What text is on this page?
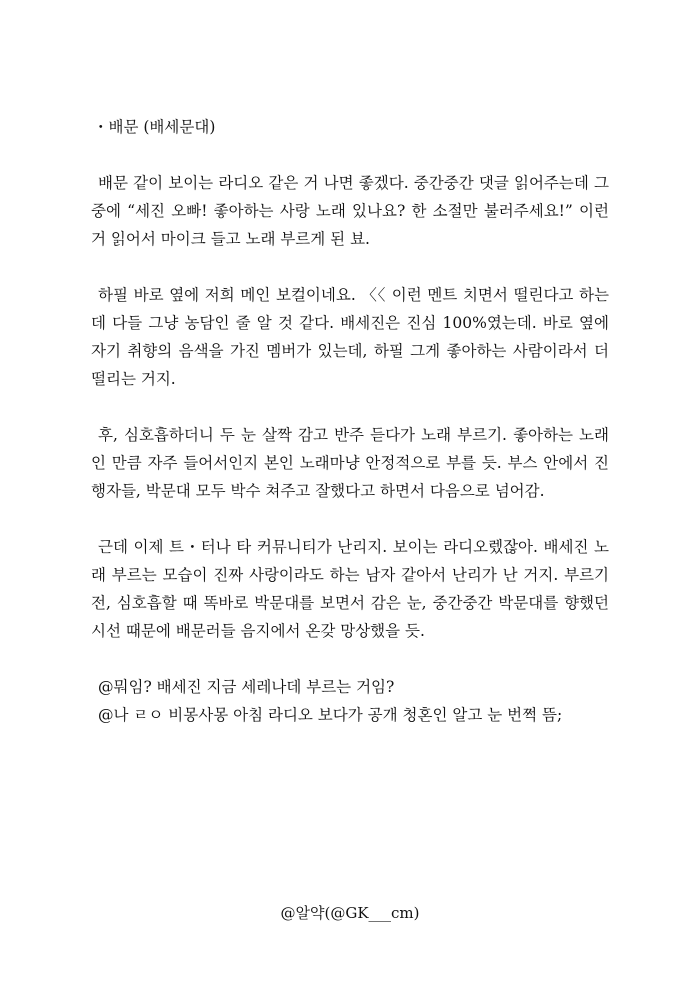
・배문 (배세문대)

배문 같이 보이는 라디오 같은 거 나면 좋겠다. 중간중간 댓글 읽어주는데 그중에 “세진 오빠! 좋아하는 사랑 노래 있나요? 한 소절만 불러주세요!” 이런 거 읽어서 마이크 들고 노래 부르게 된 뵤.

하필 바로 옆에 저희 메인 보컬이네요. 〈〈 이런 멘트 치면서 떨린다고 하는데 다들 그냥 농담인 줄 알 것 같다. 배세진은 진심 100%였는데. 바로 옆에 자기 취향의 음색을 가진 멤버가 있는데, 하필 그게 좋아하는 사람이라서 더 떨리는 거지.

후, 심호흡하더니 두 눈 살짝 감고 반주 듣다가 노래 부르기. 좋아하는 노래인 만큼 자주 들어서인지 본인 노래마냥 안정적으로 부를 듯. 부스 안에서 진행자들, 박문대 모두 박수 쳐주고 잘했다고 하면서 다음으로 넘어감.

근데 이제 트・터나 타 커뮤니티가 난리지. 보이는 라디오렜잖아. 배세진 노래 부르는 모습이 진짜 사랑이라도 하는 남자 같아서 난리가 난 거지. 부르기 전, 심호흡할 때 똑바로 박문대를 보면서 감은 눈, 중간중간 박문대를 향했던 시선 때문에 배문러들 음지에서 온갖 망상했을 듯.

@뭐임? 배세진 지금 세레나데 부르는 거임?

@나 ㄹㅇ 비몽사몽 아침 라디오 보다가 공개 청혼인 알고 눈 번쩍 뜸;

@알약(@GK___cm)
